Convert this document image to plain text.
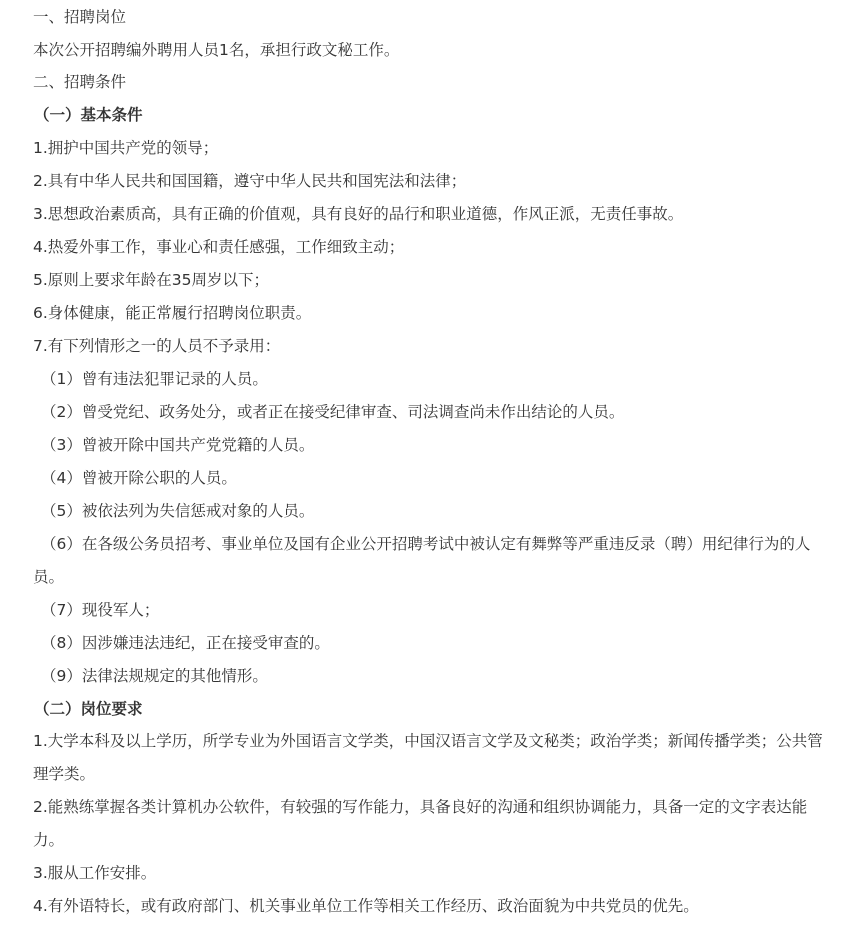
一、招聘岗位
本次公开招聘编外聘用人员1名，承担行政文秘工作。
二、招聘条件
（一）基本条件
1.拥护中国共产党的领导；
2.具有中华人民共和国国籍，遵守中华人民共和国宪法和法律；
3.思想政治素质高，具有正确的价值观，具有良好的品行和职业道德，作风正派，无责任事故。
4.热爱外事工作，事业心和责任感强，工作细致主动；
5.原则上要求年龄在35周岁以下；
6.身体健康，能正常履行招聘岗位职责。
7.有下列情形之一的人员不予录用：
（1）曾有违法犯罪记录的人员。
（2）曾受党纪、政务处分，或者正在接受纪律审查、司法调查尚未作出结论的人员。
（3）曾被开除中国共产党党籍的人员。
（4）曾被开除公职的人员。
（5）被依法列为失信惩戒对象的人员。
（6）在各级公务员招考、事业单位及国有企业公开招聘考试中被认定有舞弊等严重违反录（聘）用纪律行为的人员。
（7）现役军人；
（8）因涉嫌违法违纪，正在接受审查的。
（9）法律法规规定的其他情形。
（二）岗位要求
1.大学本科及以上学历，所学专业为外国语言文学类，中国汉语言文学及文秘类；政治学类；新闻传播学类；公共管理学类。
2.能熟练掌握各类计算机办公软件，有较强的写作能力，具备良好的沟通和组织协调能力，具备一定的文字表达能力。
3.服从工作安排。
4.有外语特长，或有政府部门、机关事业单位工作等相关工作经历、政治面貌为中共党员的优先。
